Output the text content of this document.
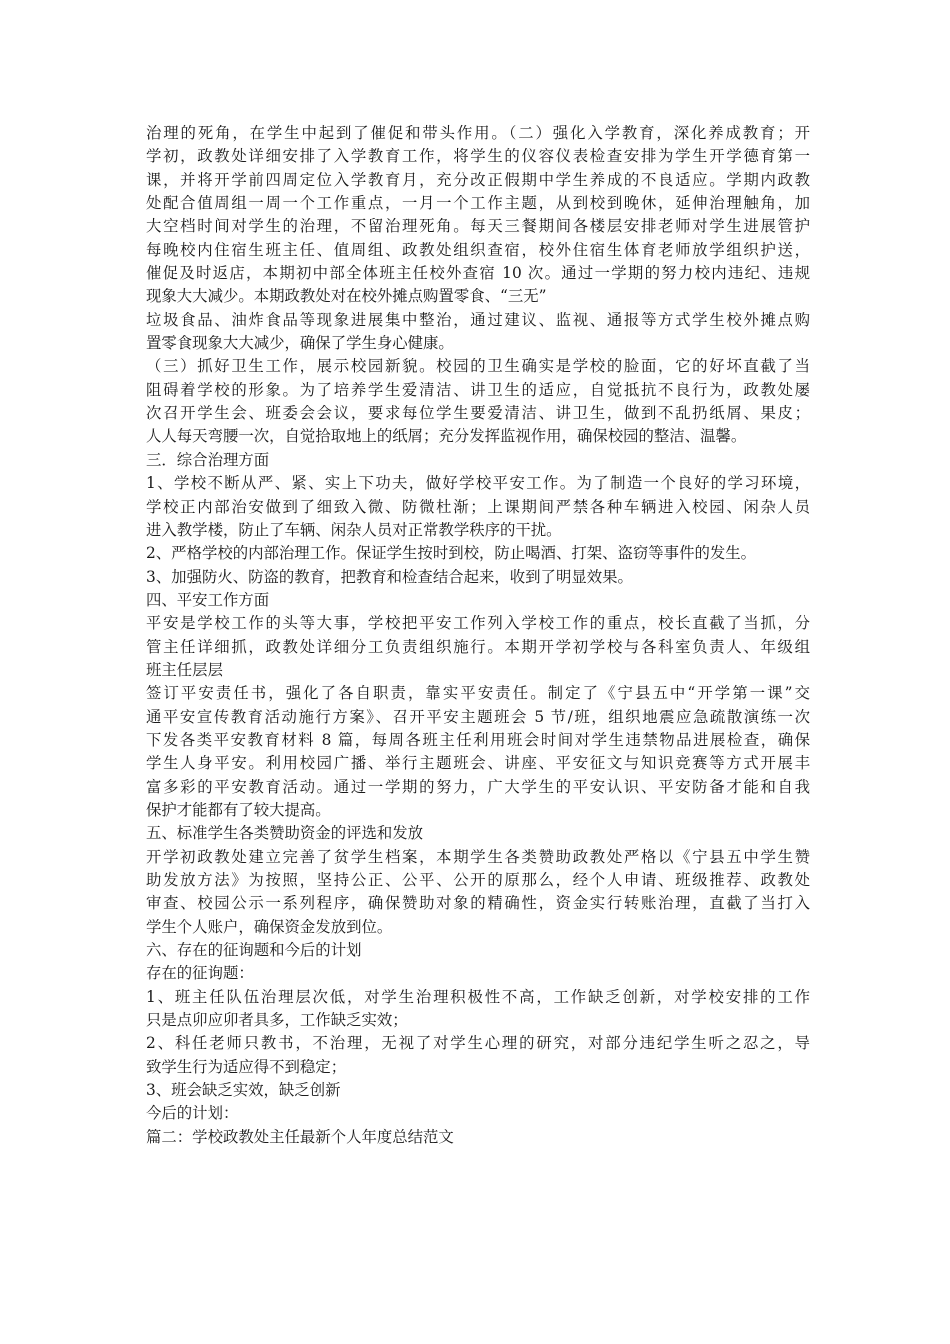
治理的死角，在学生中起到了催促和带头作用。（二）强化入学教育，深化养成教育；开
学初，政教处详细安排了入学教育工作，将学生的仪容仪表检查安排为学生开学德育第一
课，并将开学前四周定位入学教育月，充分改正假期中学生养成的不良适应。学期内政教
处配合值周组一周一个工作重点，一月一个工作主题，从到校到晚休，延伸治理触角，加
大空档时间对学生的治理，不留治理死角。每天三餐期间各楼层安排老师对学生进展管护
每晚校内住宿生班主任、值周组、政教处组织查宿，校外住宿生体育老师放学组织护送，
催促及时返店，本期初中部全体班主任校外查宿 10 次。通过一学期的努力校内违纪、违规
现象大大减少。本期政教处对在校外摊点购置零食、“三无”
垃圾食品、油炸食品等现象进展集中整治，通过建议、监视、通报等方式学生校外摊点购
置零食现象大大减少，确保了学生身心健康。
（三）抓好卫生工作，展示校园新貌。校园的卫生确实是学校的脸面，它的好坏直截了当
阻碍着学校的形象。为了培养学生爱清洁、讲卫生的适应，自觉抵抗不良行为，政教处屡
次召开学生会、班委会会议，要求每位学生要爱清洁、讲卫生，做到不乱扔纸屑、果皮；
人人每天弯腰一次，自觉拾取地上的纸屑；充分发挥监视作用，确保校园的整洁、温馨。
三．综合治理方面
1、学校不断从严、紧、实上下功夫，做好学校平安工作。为了制造一个良好的学习环境，
学校正内部治安做到了细致入微、防微杜渐；上课期间严禁各种车辆进入校园、闲杂人员
进入教学楼，防止了车辆、闲杂人员对正常教学秩序的干扰。
2、严格学校的内部治理工作。保证学生按时到校，防止喝酒、打架、盗窃等事件的发生。
3、加强防火、防盗的教育，把教育和检查结合起来，收到了明显效果。
四、平安工作方面
平安是学校工作的头等大事，学校把平安工作列入学校工作的重点，校长直截了当抓，分
管主任详细抓，政教处详细分工负责组织施行。本期开学初学校与各科室负责人、年级组
班主任层层
签订平安责任书，强化了各自职责，靠实平安责任。制定了《宁县五中“开学第一课”交
通平安宣传教育活动施行方案》、召开平安主题班会 5 节/班，组织地震应急疏散演练一次
下发各类平安教育材料 8 篇，每周各班主任利用班会时间对学生违禁物品进展检查，确保
学生人身平安。利用校园广播、举行主题班会、讲座、平安征文与知识竞赛等方式开展丰
富多彩的平安教育活动。通过一学期的努力，广大学生的平安认识、平安防备才能和自我
保护才能都有了较大提高。
五、标准学生各类赞助资金的评选和发放
开学初政教处建立完善了贫学生档案，本期学生各类赞助政教处严格以《宁县五中学生赞
助发放方法》为按照，坚持公正、公平、公开的原那么，经个人申请、班级推荐、政教处
审查、校园公示一系列程序，确保赞助对象的精确性，资金实行转账治理，直截了当打入
学生个人账户，确保资金发放到位。
六、存在的征询题和今后的计划
存在的征询题：
1、班主任队伍治理层次低，对学生治理积极性不高，工作缺乏创新，对学校安排的工作
只是点卯应卯者具多，工作缺乏实效；
2、科任老师只教书，不治理，无视了对学生心理的研究，对部分违纪学生听之忍之，导
致学生行为适应得不到稳定；
3、班会缺乏实效，缺乏创新
今后的计划：
篇二：学校政教处主任最新个人年度总结范文
